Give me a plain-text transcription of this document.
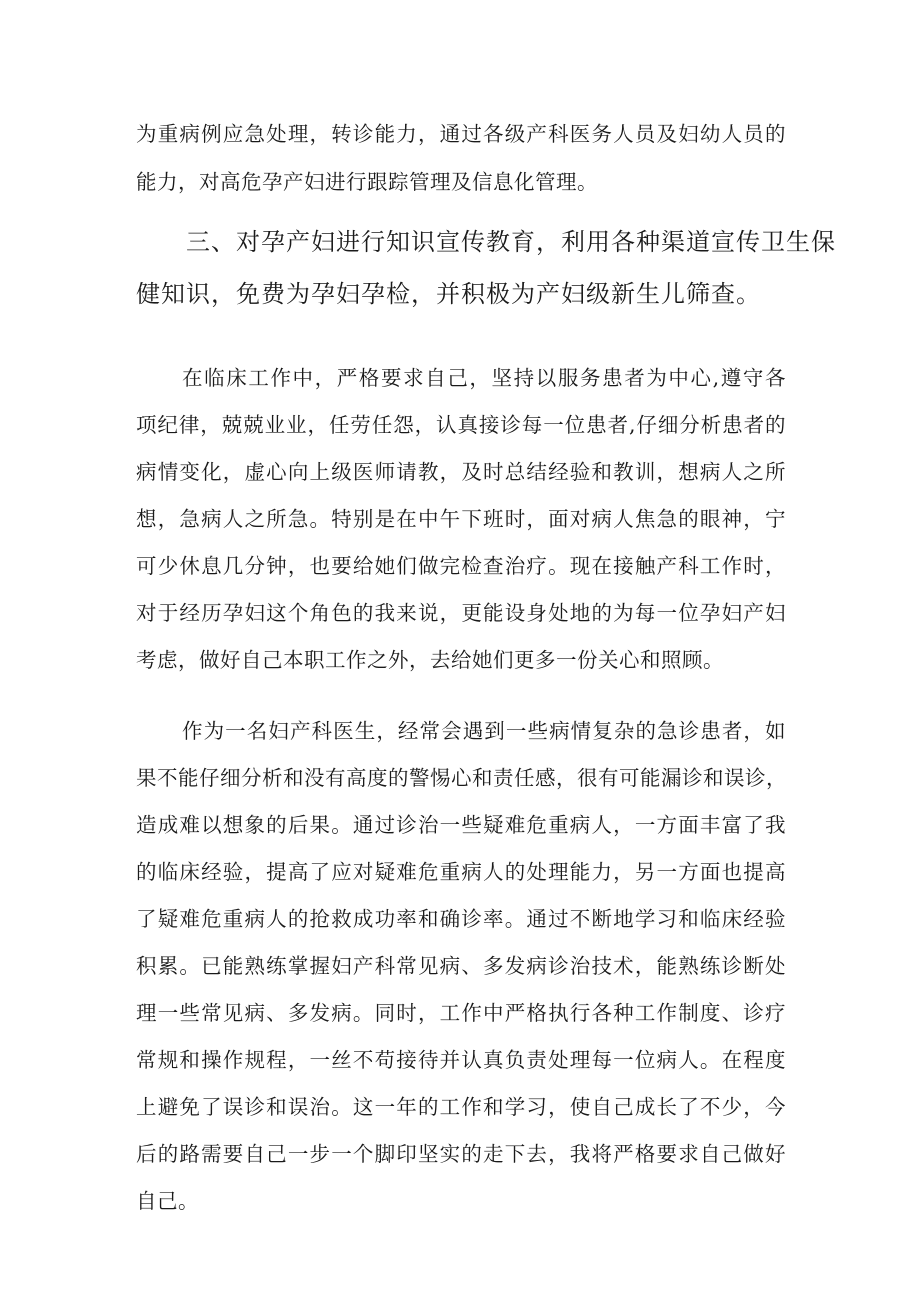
为重病例应急处理，转诊能力，通过各级产科医务人员及妇幼人员的
能力，对高危孕产妇进行跟踪管理及信息化管理。
三、对孕产妇进行知识宣传教育，利用各种渠道宣传卫生保
健知识，免费为孕妇孕检，并积极为产妇级新生儿筛查。
在临床工作中，严格要求自己，坚持以服务患者为中心,遵守各
项纪律，兢兢业业，任劳任怨，认真接诊每一位患者,仔细分析患者的
病情变化，虚心向上级医师请教，及时总结经验和教训，想病人之所
想，急病人之所急。特别是在中午下班时，面对病人焦急的眼神，宁
可少休息几分钟，也要给她们做完检查治疗。现在接触产科工作时，
对于经历孕妇这个角色的我来说，更能设身处地的为每一位孕妇产妇
考虑，做好自己本职工作之外，去给她们更多一份关心和照顾。
作为一名妇产科医生，经常会遇到一些病情复杂的急诊患者，如
果不能仔细分析和没有高度的警惕心和责任感，很有可能漏诊和误诊，
造成难以想象的后果。通过诊治一些疑难危重病人，一方面丰富了我
的临床经验，提高了应对疑难危重病人的处理能力，另一方面也提高
了疑难危重病人的抢救成功率和确诊率。通过不断地学习和临床经验
积累。已能熟练掌握妇产科常见病、多发病诊治技术，能熟练诊断处
理一些常见病、多发病。同时，工作中严格执行各种工作制度、诊疗
常规和操作规程，一丝不苟接待并认真负责处理每一位病人。在程度
上避免了误诊和误治。这一年的工作和学习，使自己成长了不少，今
后的路需要自己一步一个脚印坚实的走下去，我将严格要求自己做好
自己。
